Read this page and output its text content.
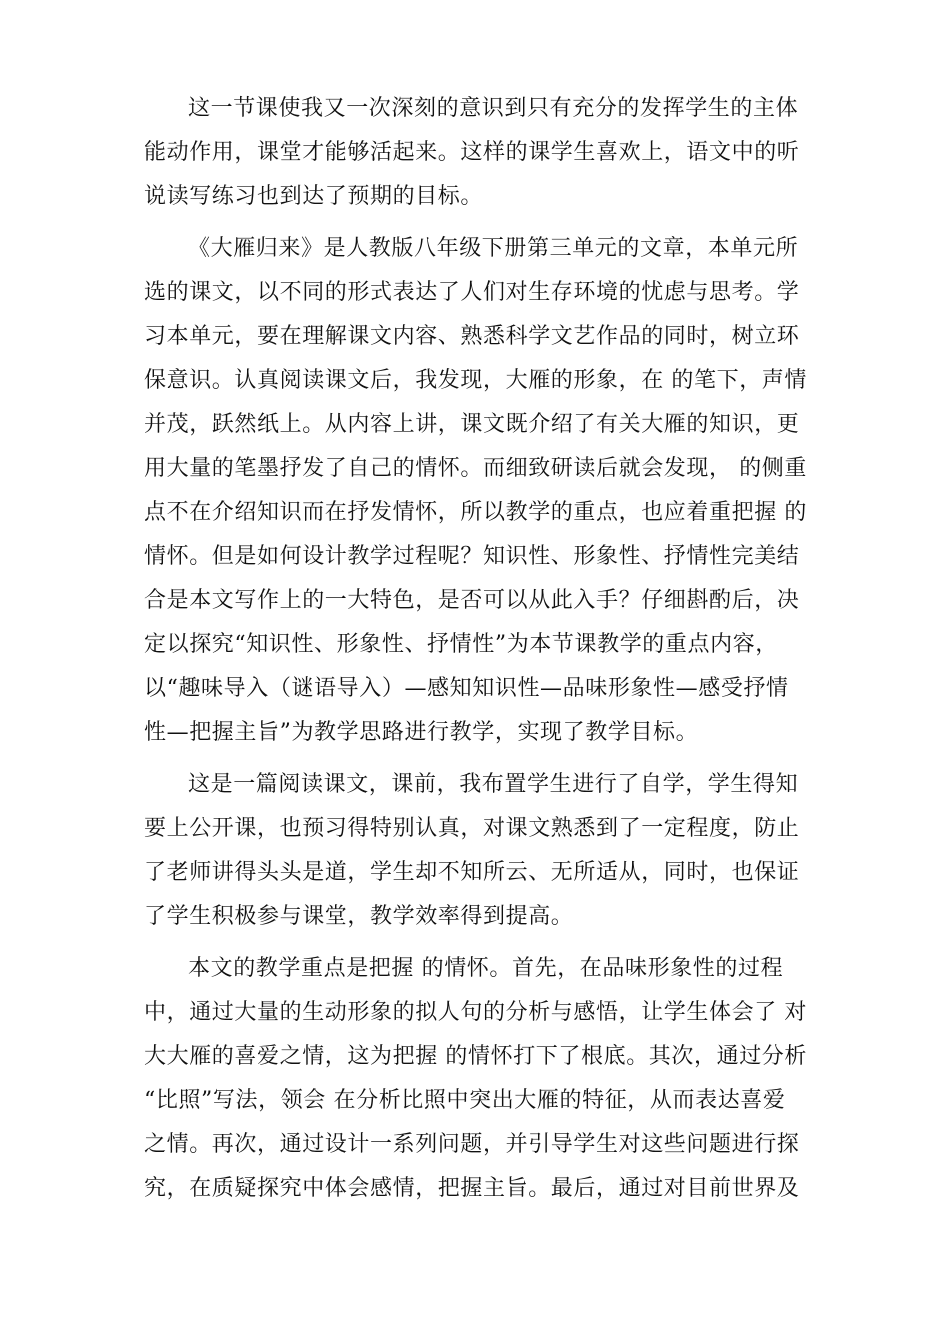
这一节课使我又一次深刻的意识到只有充分的发挥学生的主体
能动作用，课堂才能够活起来。这样的课学生喜欢上，语文中的听
说读写练习也到达了预期的目标。
《大雁归来》是人教版八年级下册第三单元的文章，本单元所
选的课文，以不同的形式表达了人们对生存环境的忧虑与思考。学
习本单元，要在理解课文内容、熟悉科学文艺作品的同时，树立环
保意识。认真阅读课文后，我发现，大雁的形象，在 的笔下，声情
并茂，跃然纸上。从内容上讲，课文既介绍了有关大雁的知识，更
用大量的笔墨抒发了自己的情怀。而细致研读后就会发现， 的侧重
点不在介绍知识而在抒发情怀，所以教学的重点，也应着重把握 的
情怀。但是如何设计教学过程呢？知识性、形象性、抒情性完美结
合是本文写作上的一大特色，是否可以从此入手？仔细斟酌后，决
定以探究“知识性、形象性、抒情性”为本节课教学的重点内容，
以“趣味导入（谜语导入）—感知知识性—品味形象性—感受抒情
性—把握主旨”为教学思路进行教学，实现了教学目标。
这是一篇阅读课文，课前，我布置学生进行了自学，学生得知
要上公开课，也预习得特别认真，对课文熟悉到了一定程度，防止
了老师讲得头头是道，学生却不知所云、无所适从，同时，也保证
了学生积极参与课堂，教学效率得到提高。
本文的教学重点是把握 的情怀。首先，在品味形象性的过程
中，通过大量的生动形象的拟人句的分析与感悟，让学生体会了 对
大大雁的喜爱之情，这为把握 的情怀打下了根底。其次，通过分析
“比照”写法，领会 在分析比照中突出大雁的特征，从而表达喜爱
之情。再次，通过设计一系列问题，并引导学生对这些问题进行探
究，在质疑探究中体会感情，把握主旨。最后，通过对目前世界及
